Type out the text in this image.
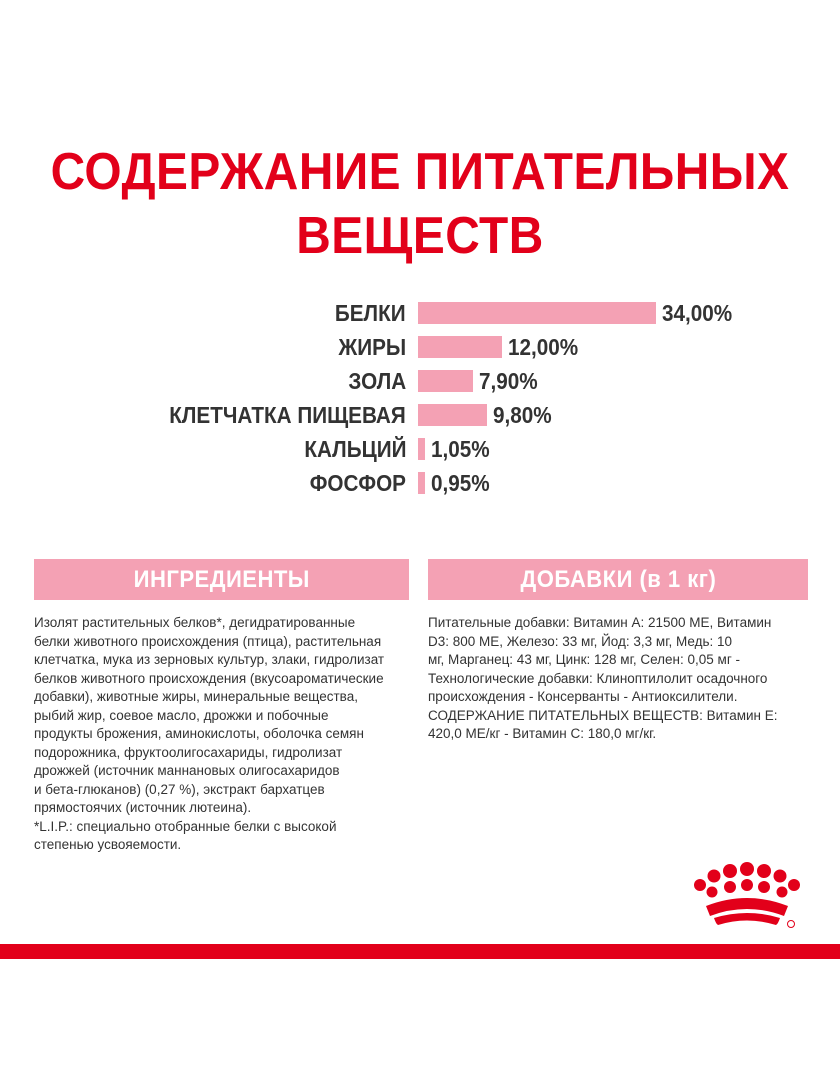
СОДЕРЖАНИЕ ПИТАТЕЛЬНЫХ
ВЕЩЕСТВ
БЕЛКИ	34,00%
ЖИРЫ	12,00%
ЗОЛА	7,90%
КЛЕТЧАТКА ПИЩЕВАЯ	9,80%
КАЛЬЦИЙ 1,05%
ФОСФОР 0,95%
ИНГРЕДИЕНТЫ	ДОБАВКИ (в 1 кг)

Изолят растительных белков*, дегидратированные
белки животного происхождения (птица), растительная
клетчатка, мука из зерновых культур, злаки, гидролизат
белков животного происхождения (вкусоароматические
добавки), животные жиры, минеральные вещества,
рыбий жир, соевое масло, дрожжи и побочные
продукты брожения, аминокислоты, оболочка семян
подорожника, фруктоолигосахариды, гидролизат
дрожжей (источник маннановых олигосахаридов
и бета-глюканов) (0,27 %), экстракт бархатцев
прямостоячих (источник лютеина).
*L.I.P.: специально отобранные белки с высокой
степенью усвояемости.

Питательные добавки: Витамин А: 21500 МЕ, Витамин
D3: 800 МЕ, Железо: 33 мг, Йод: 3,3 мг, Медь: 10
мг, Марганец: 43 мг, Цинк: 128 мг, Селен: 0,05 мг -
Технологические добавки: Клиноптилолит осадочного
происхождения - Консерванты - Антиоксилители.
СОДЕРЖАНИЕ ПИТАТЕЛЬНЫХ ВЕЩЕСТВ: Витамин Е:
420,0 МЕ/кг - Витамин С: 180,0 мг/кг.
